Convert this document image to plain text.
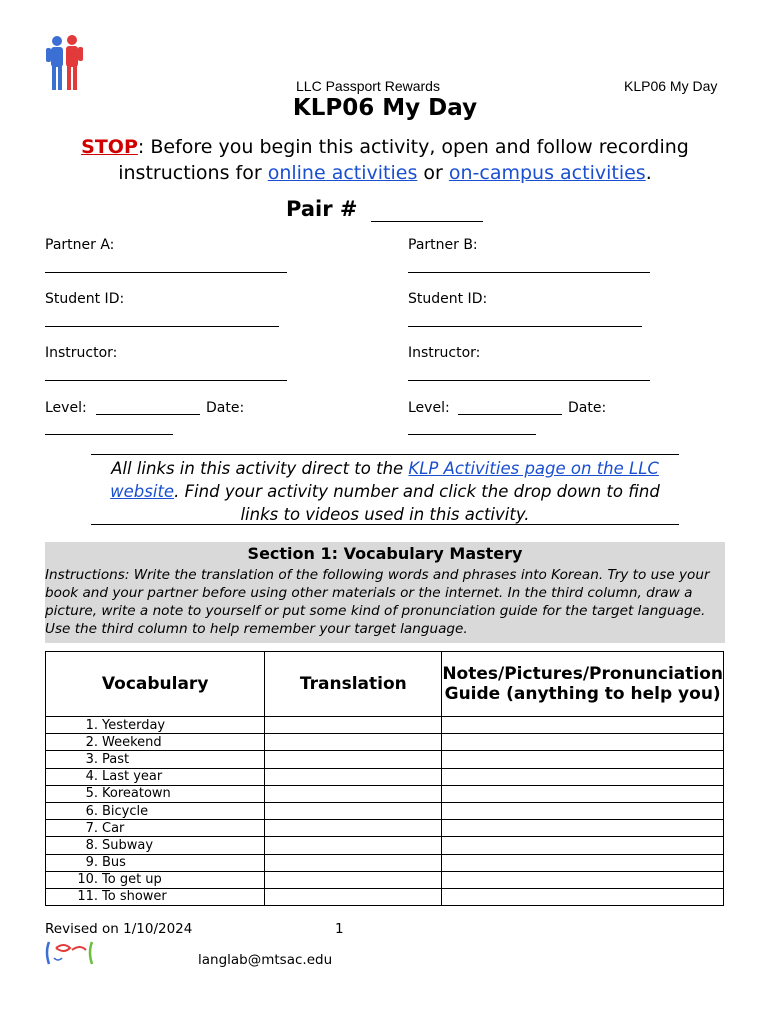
LLC Passport Rewards	KLP06 My Day
KLP06 My Day
STOP: Before you begin this activity, open and follow recording
instructions for online activities or on-campus activities.
Pair #
Partner A:
Student ID:
Instructor:
Level:	Date:
Partner B:
Student ID:
Instructor:
Level:	Date:
All links in this activity direct to the KLP Activities page on the LLC website. Find your activity number and click the drop down to find links to videos used in this activity.
Section 1: Vocabulary Mastery
Instructions: Write the translation of the following words and phrases into Korean. Try to use your book and your partner before using other materials or the internet. In the third column, draw a picture, write a note to yourself or put some kind of pronunciation guide for the target language. Use the third column to help remember your target language.
Vocabulary	Translation	Notes/Pictures/Pronunciation Guide (anything to help you)
1. Yesterday		
2. Weekend		
3. Past		
4. Last year		
5. Koreatown		
6. Bicycle		
7. Car		
8. Subway		
9. Bus		
10. To get up		
11. To shower		
Revised on 1/10/2024	1
langlab@mtsac.edu
